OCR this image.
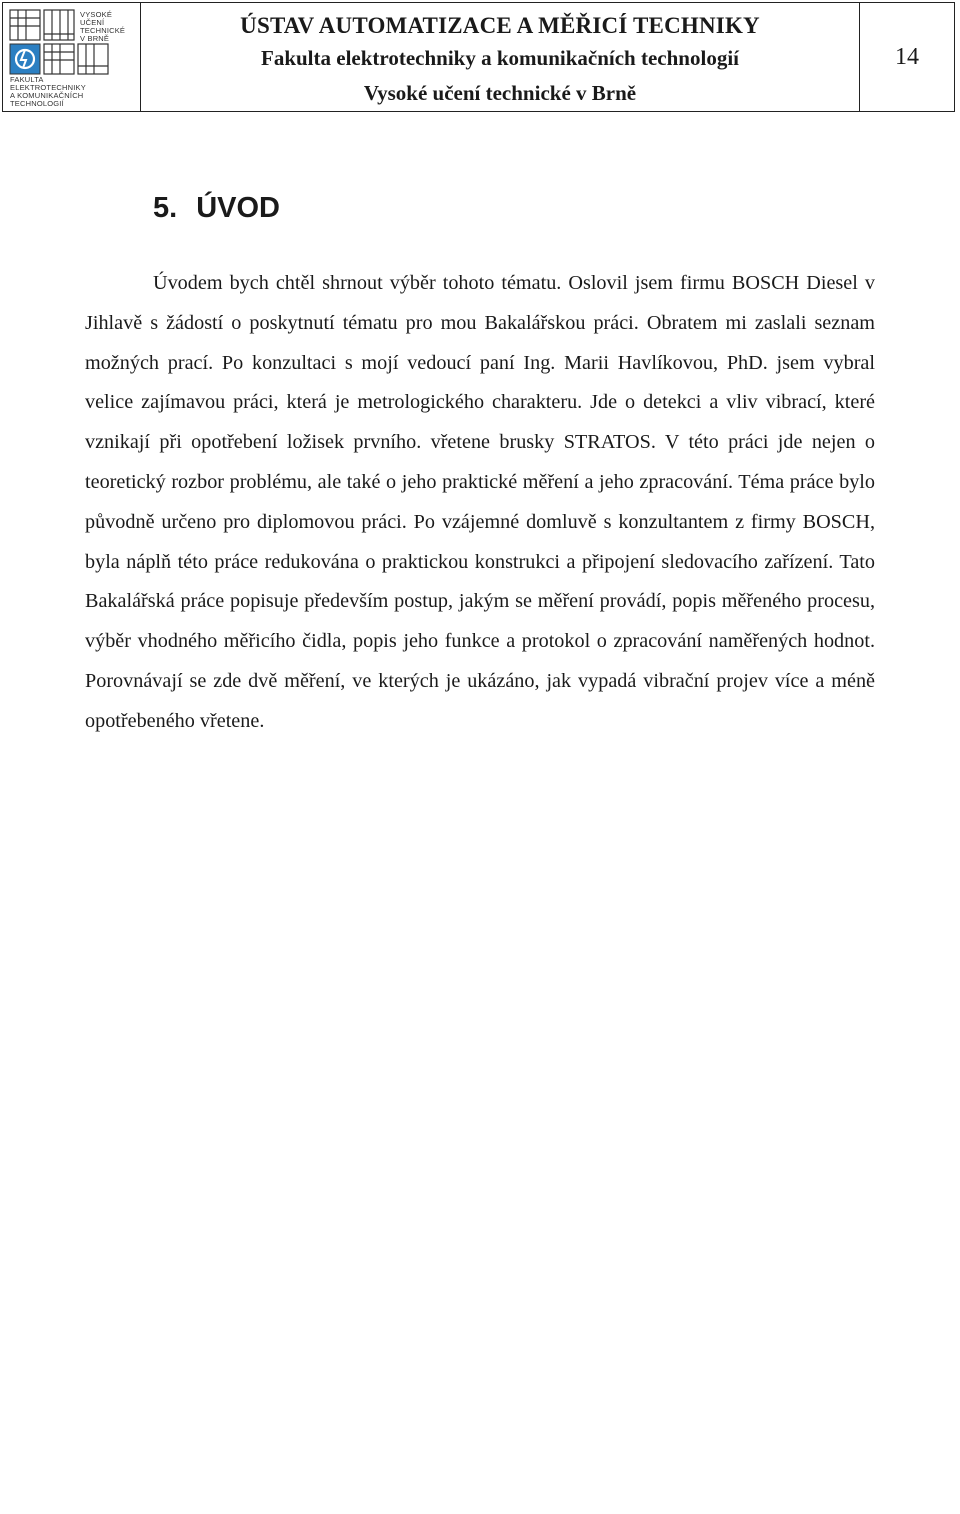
VYSOKÉ
UČENÍ
TECHNICKÉ
V BRNĚ
FAKULTA
ELEKTROTECHNIKY
A KOMUNIKAČNÍCH
TECHNOLOGIÍ
ÚSTAV AUTOMATIZACE A MĚŘICÍ TECHNIKY
Fakulta elektrotechniky a komunikačních technologií
Vysoké učení technické v Brně
14
5. ÚVOD

Úvodem bych chtěl shrnout výběr tohoto tématu. Oslovil jsem firmu BOSCH Diesel v Jihlavě s žádostí o poskytnutí tématu pro mou Bakalářskou práci. Obratem mi zaslali seznam možných prací. Po konzultaci s mojí vedoucí paní Ing. Marii Havlíkovou, PhD. jsem vybral velice zajímavou práci, která je metrologického charakteru. Jde o detekci a vliv vibrací, které vznikají při opotřebení ložisek prvního. vřetene brusky STRATOS. V této práci jde nejen o teoretický rozbor problému, ale také o jeho praktické měření a jeho zpracování. Téma práce bylo původně určeno pro diplomovou práci. Po vzájemné domluvě s konzultantem z firmy BOSCH, byla náplň této práce redukována o praktickou konstrukci a připojení sledovacího zařízení. Tato Bakalářská práce popisuje především postup, jakým se měření provádí, popis měřeného procesu, výběr vhodného měřicího čidla, popis jeho funkce a protokol o zpracování naměřených hodnot. Porovnávají se zde dvě měření, ve kterých je ukázáno, jak vypadá vibrační projev více a méně opotřebeného vřetene.
